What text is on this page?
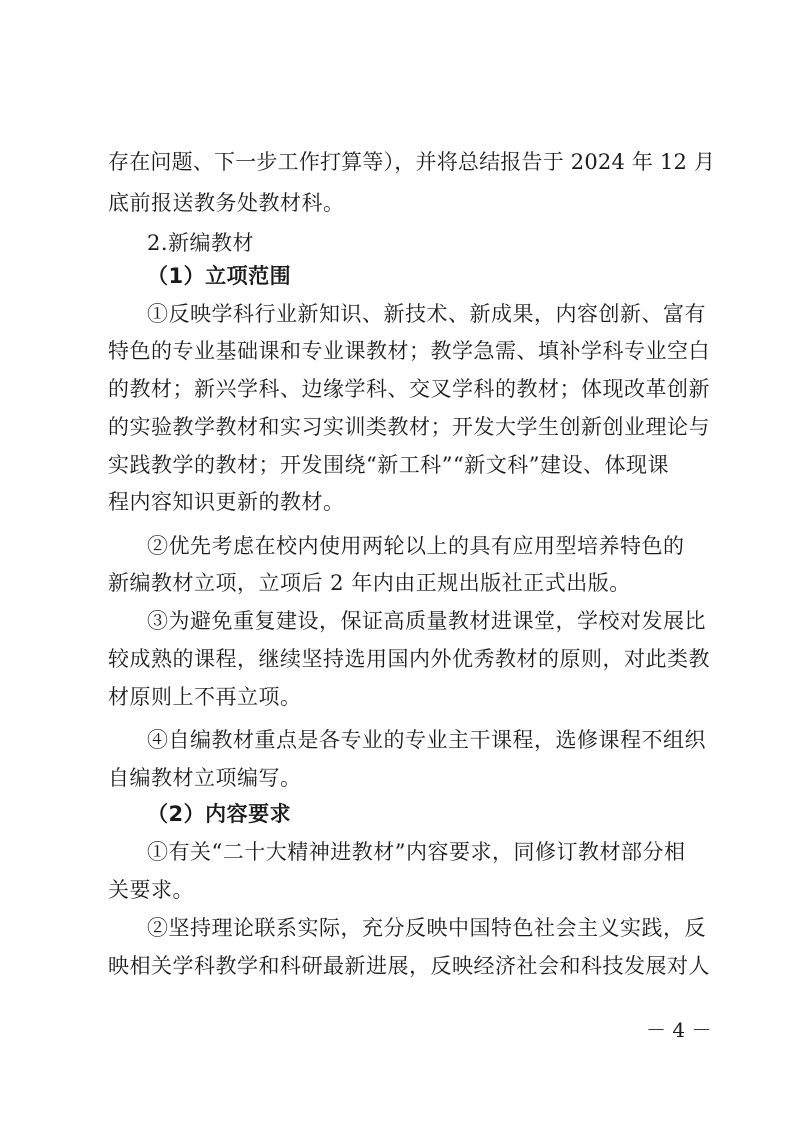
存在问题、下一步工作打算等），并将总结报告于 2024 年 12 月
底前报送教务处教材科。
2.新编教材
（1）立项范围
①反映学科行业新知识、新技术、新成果，内容创新、富有
特色的专业基础课和专业课教材；教学急需、填补学科专业空白
的教材；新兴学科、边缘学科、交叉学科的教材；体现改革创新
的实验教学教材和实习实训类教材；开发大学生创新创业理论与
实践教学的教材；开发围绕“新工科”“新文科”建设、体现课
程内容知识更新的教材。
②优先考虑在校内使用两轮以上的具有应用型培养特色的
新编教材立项，立项后 2 年内由正规出版社正式出版。
③为避免重复建设，保证高质量教材进课堂，学校对发展比
较成熟的课程，继续坚持选用国内外优秀教材的原则，对此类教
材原则上不再立项。
④自编教材重点是各专业的专业主干课程，选修课程不组织
自编教材立项编写。
（2）内容要求
①有关“二十大精神进教材”内容要求，同修订教材部分相
关要求。
②坚持理论联系实际，充分反映中国特色社会主义实践，反
映相关学科教学和科研最新进展，反映经济社会和科技发展对人
－ 4 －
